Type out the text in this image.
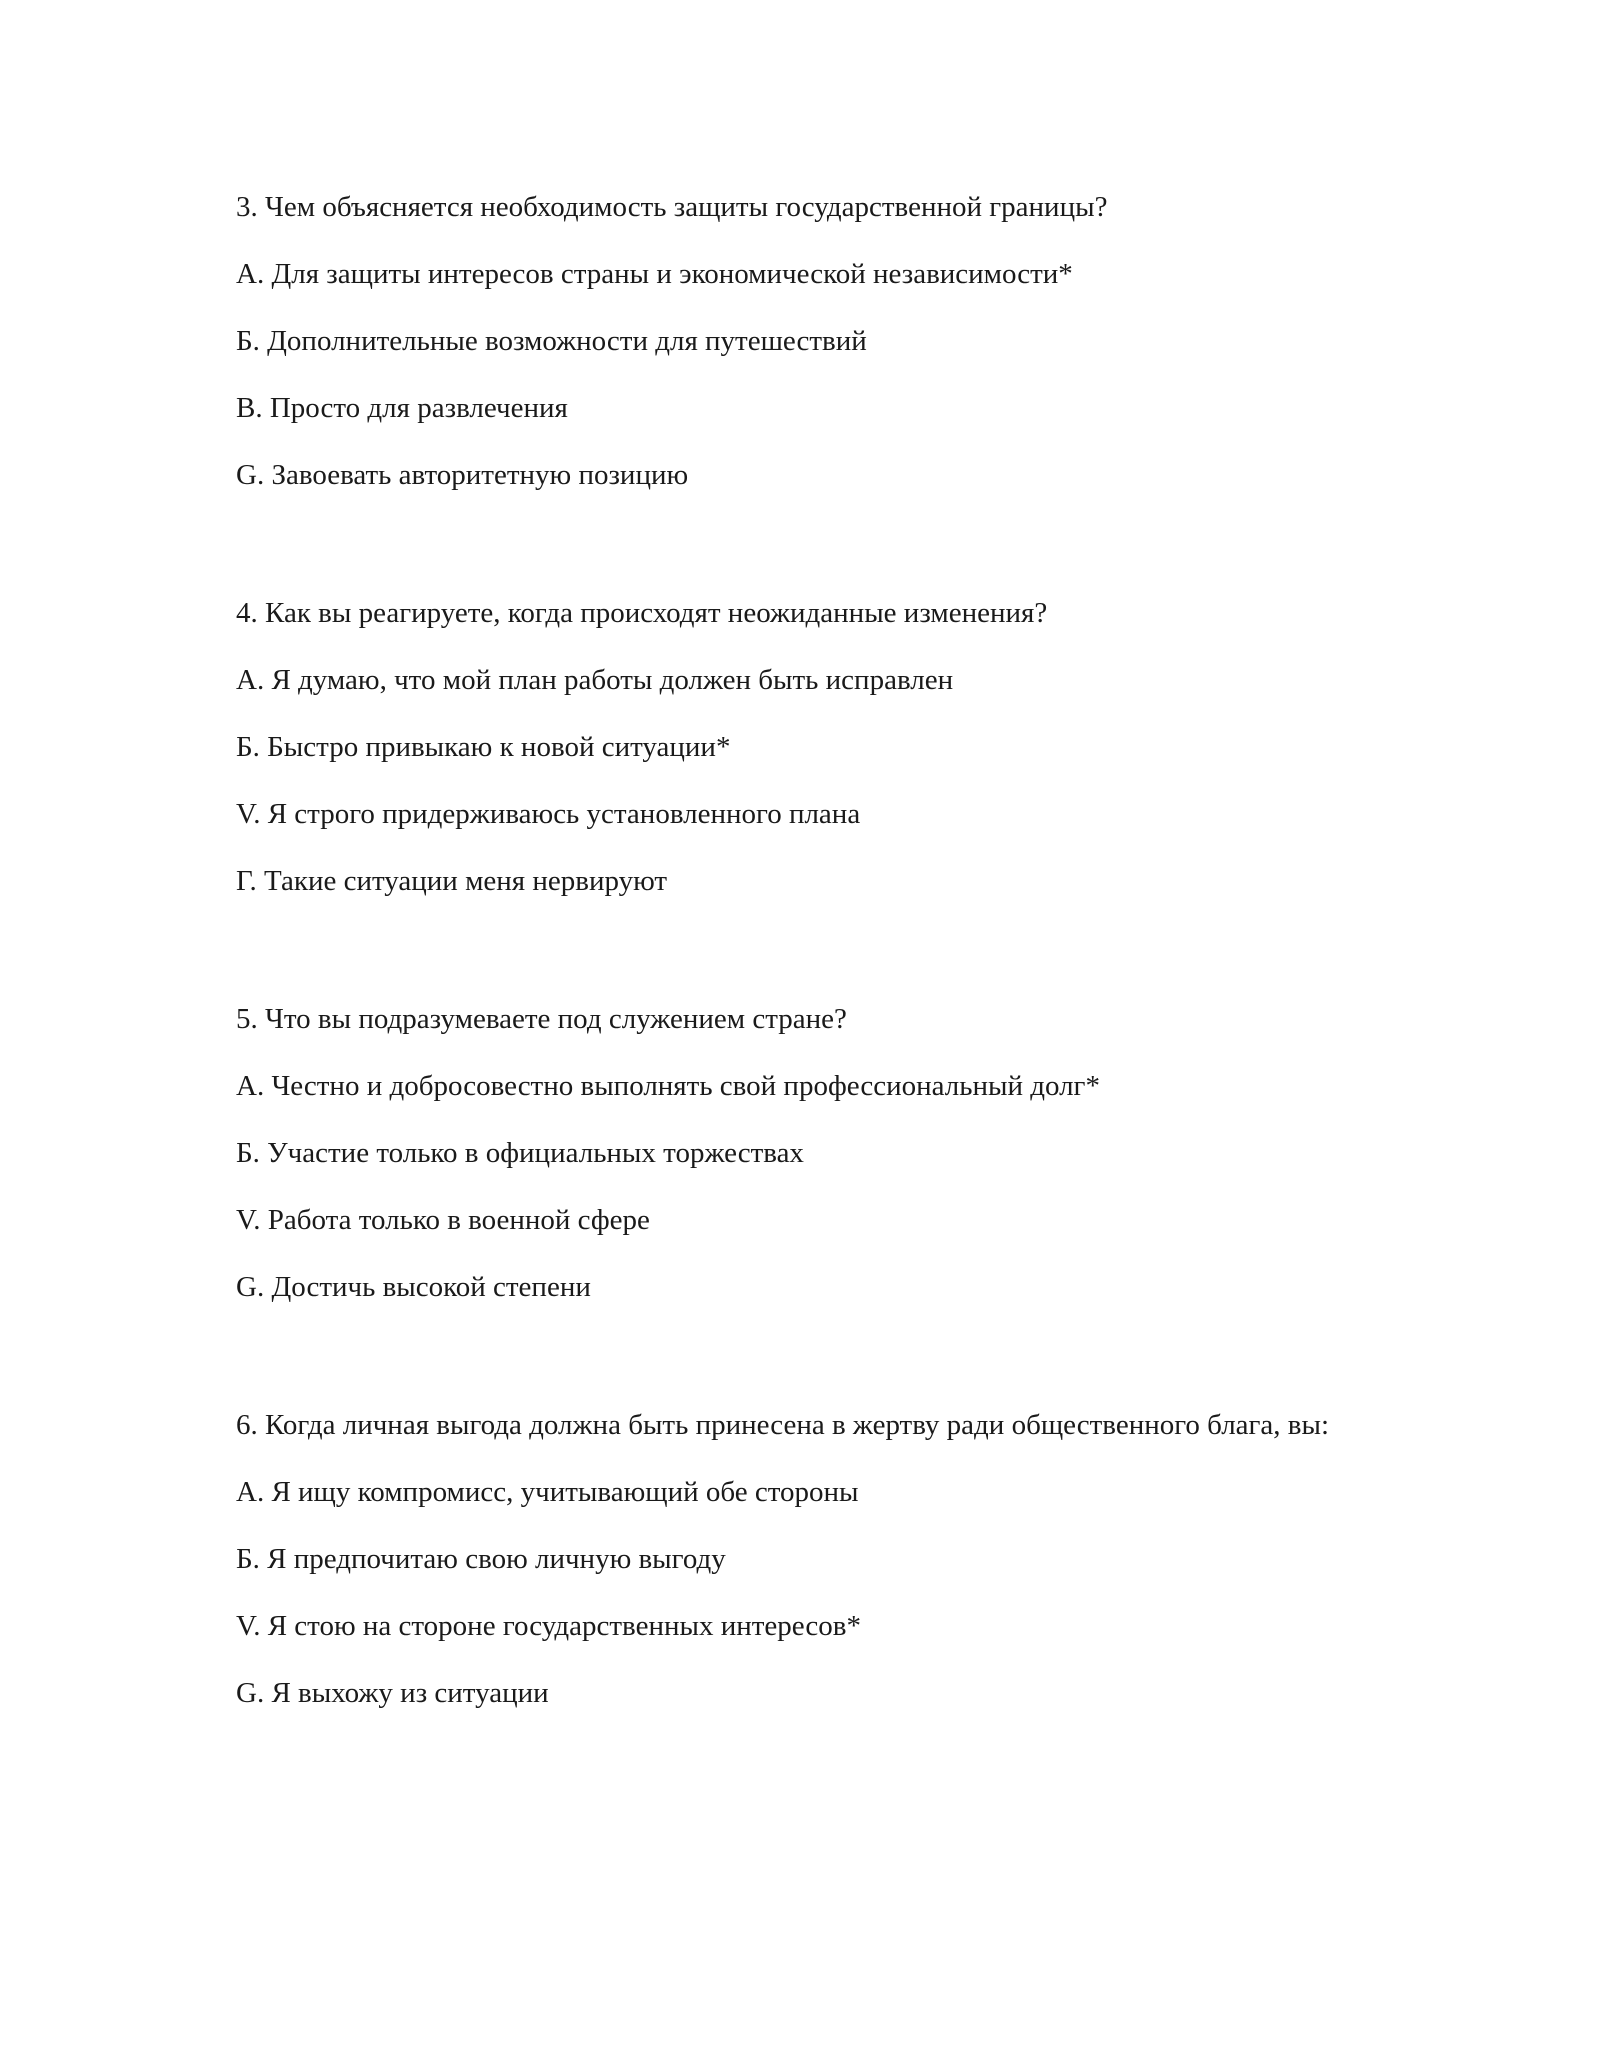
3. Чем объясняется необходимость защиты государственной границы?

A. Для защиты интересов страны и экономической независимости*

Б. Дополнительные возможности для путешествий

В. Просто для развлечения

G. Завоевать авторитетную позицию

4. Как вы реагируете, когда происходят неожиданные изменения?

A. Я думаю, что мой план работы должен быть исправлен

Б. Быстро привыкаю к новой ситуации*

V. Я строго придерживаюсь установленного плана

Г. Такие ситуации меня нервируют

5. Что вы подразумеваете под служением стране?

A. Честно и добросовестно выполнять свой профессиональный долг*

Б. Участие только в официальных торжествах

V. Работа только в военной сфере

G. Достичь высокой степени

6. Когда личная выгода должна быть принесена в жертву ради общественного блага, вы:

A. Я ищу компромисс, учитывающий обе стороны

Б. Я предпочитаю свою личную выгоду

V. Я стою на стороне государственных интересов*

G. Я выхожу из ситуации
